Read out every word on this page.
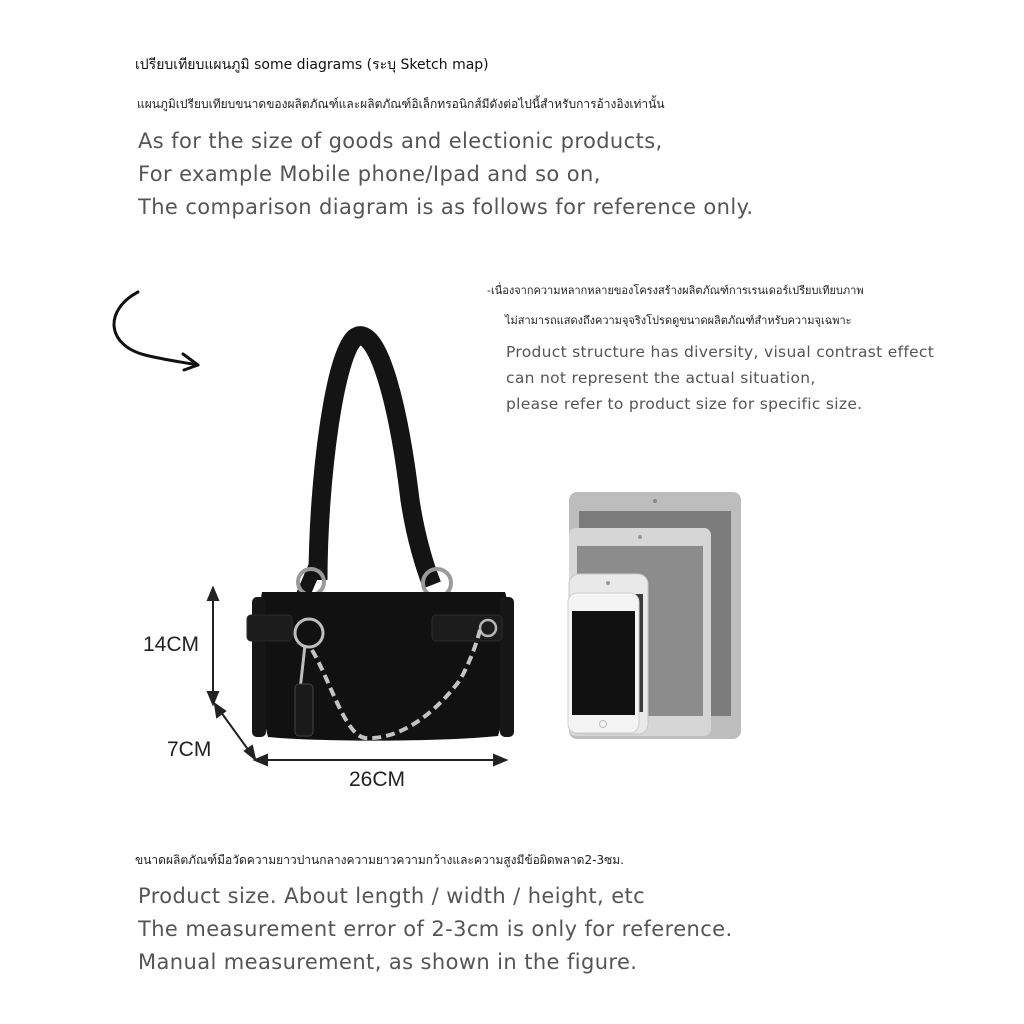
เปรียบเทียบแผนภูมิ some diagrams (ระบุ Sketch map)
แผนภูมิเปรียบเทียบขนาดของผลิตภัณฑ์และผลิตภัณฑ์อิเล็กทรอนิกส์มีดังต่อไปนี้สำหรับการอ้างอิงเท่านั้น
As for the size of goods and electionic products,
For example Mobile phone/Ipad and so on,
The comparison diagram is as follows for reference only.
-เนื่องจากความหลากหลายของโครงสร้างผลิตภัณฑ์การเรนเดอร์เปรียบเทียบภาพ
ไม่สามารถแสดงถึงความจุจริงโปรดดูขนาดผลิตภัณฑ์สำหรับความจุเฉพาะ
Product structure has diversity, visual contrast effect
can not represent the actual situation,
please refer to product size for specific size.
14CM
7CM
26CM
ขนาดผลิตภัณฑ์มือวัดความยาวปานกลางความยาวความกว้างและความสูงมีข้อผิดพลาด2-3ซม.
Product size. About length / width / height, etc
The measurement error of 2-3cm is only for reference.
Manual measurement, as shown in the figure.
